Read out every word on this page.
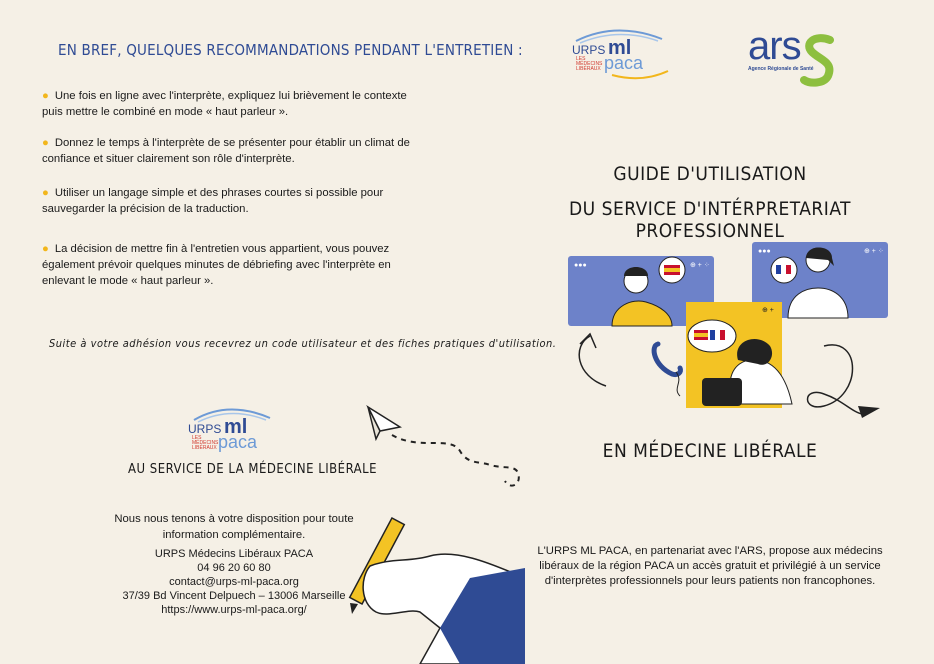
EN BREF, QUELQUES RECOMMANDATIONS PENDANT L'ENTRETIEN :
● Une fois en ligne avec l'interprète, expliquez lui brièvement le contexte puis mettre le combiné en mode « haut parleur ».
● Donnez le temps à l'interprète de se présenter pour établir un climat de confiance et situer clairement son rôle d'interprète.
● Utiliser un langage simple et des phrases courtes si possible pour sauvegarder la précision de la traduction.
● La décision de mettre fin à l'entretien vous appartient, vous pouvez également prévoir quelques minutes de débriefing avec l'interprète en enlevant le mode « haut parleur ».
Suite à votre adhésion vous recevrez un code utilisateur et des fiches pratiques d'utilisation.
URPS ml
LES
MÉDECINS
LIBÉRAUX paca
AU SERVICE DE LA MÉDECINE LIBÉRALE
Nous nous tenons à votre disposition pour toute information complémentaire.
URPS Médecins Libéraux PACA
04 96 20 60 80
contact@urps-ml-paca.org
37/39 Bd Vincent Delpuech – 13006 Marseille
https://www.urps-ml-paca.org/
URPS ml
LES
MÉDECINS
LIBÉRAUX paca	ars
Agence Régionale de Santé
GUIDE D'UTILISATION
DU SERVICE D'INTÉRPRETARIAT PROFESSIONNEL
●●●	⊕ + ⁘
●●●	⊕ + ⁘
⊕ +
EN MÉDECINE LIBÉRALE
L'URPS ML PACA, en partenariat avec l'ARS, propose aux médecins libéraux de la région PACA un accès gratuit et privilégié à un service d'interprètes professionnels pour leurs patients non francophones.
